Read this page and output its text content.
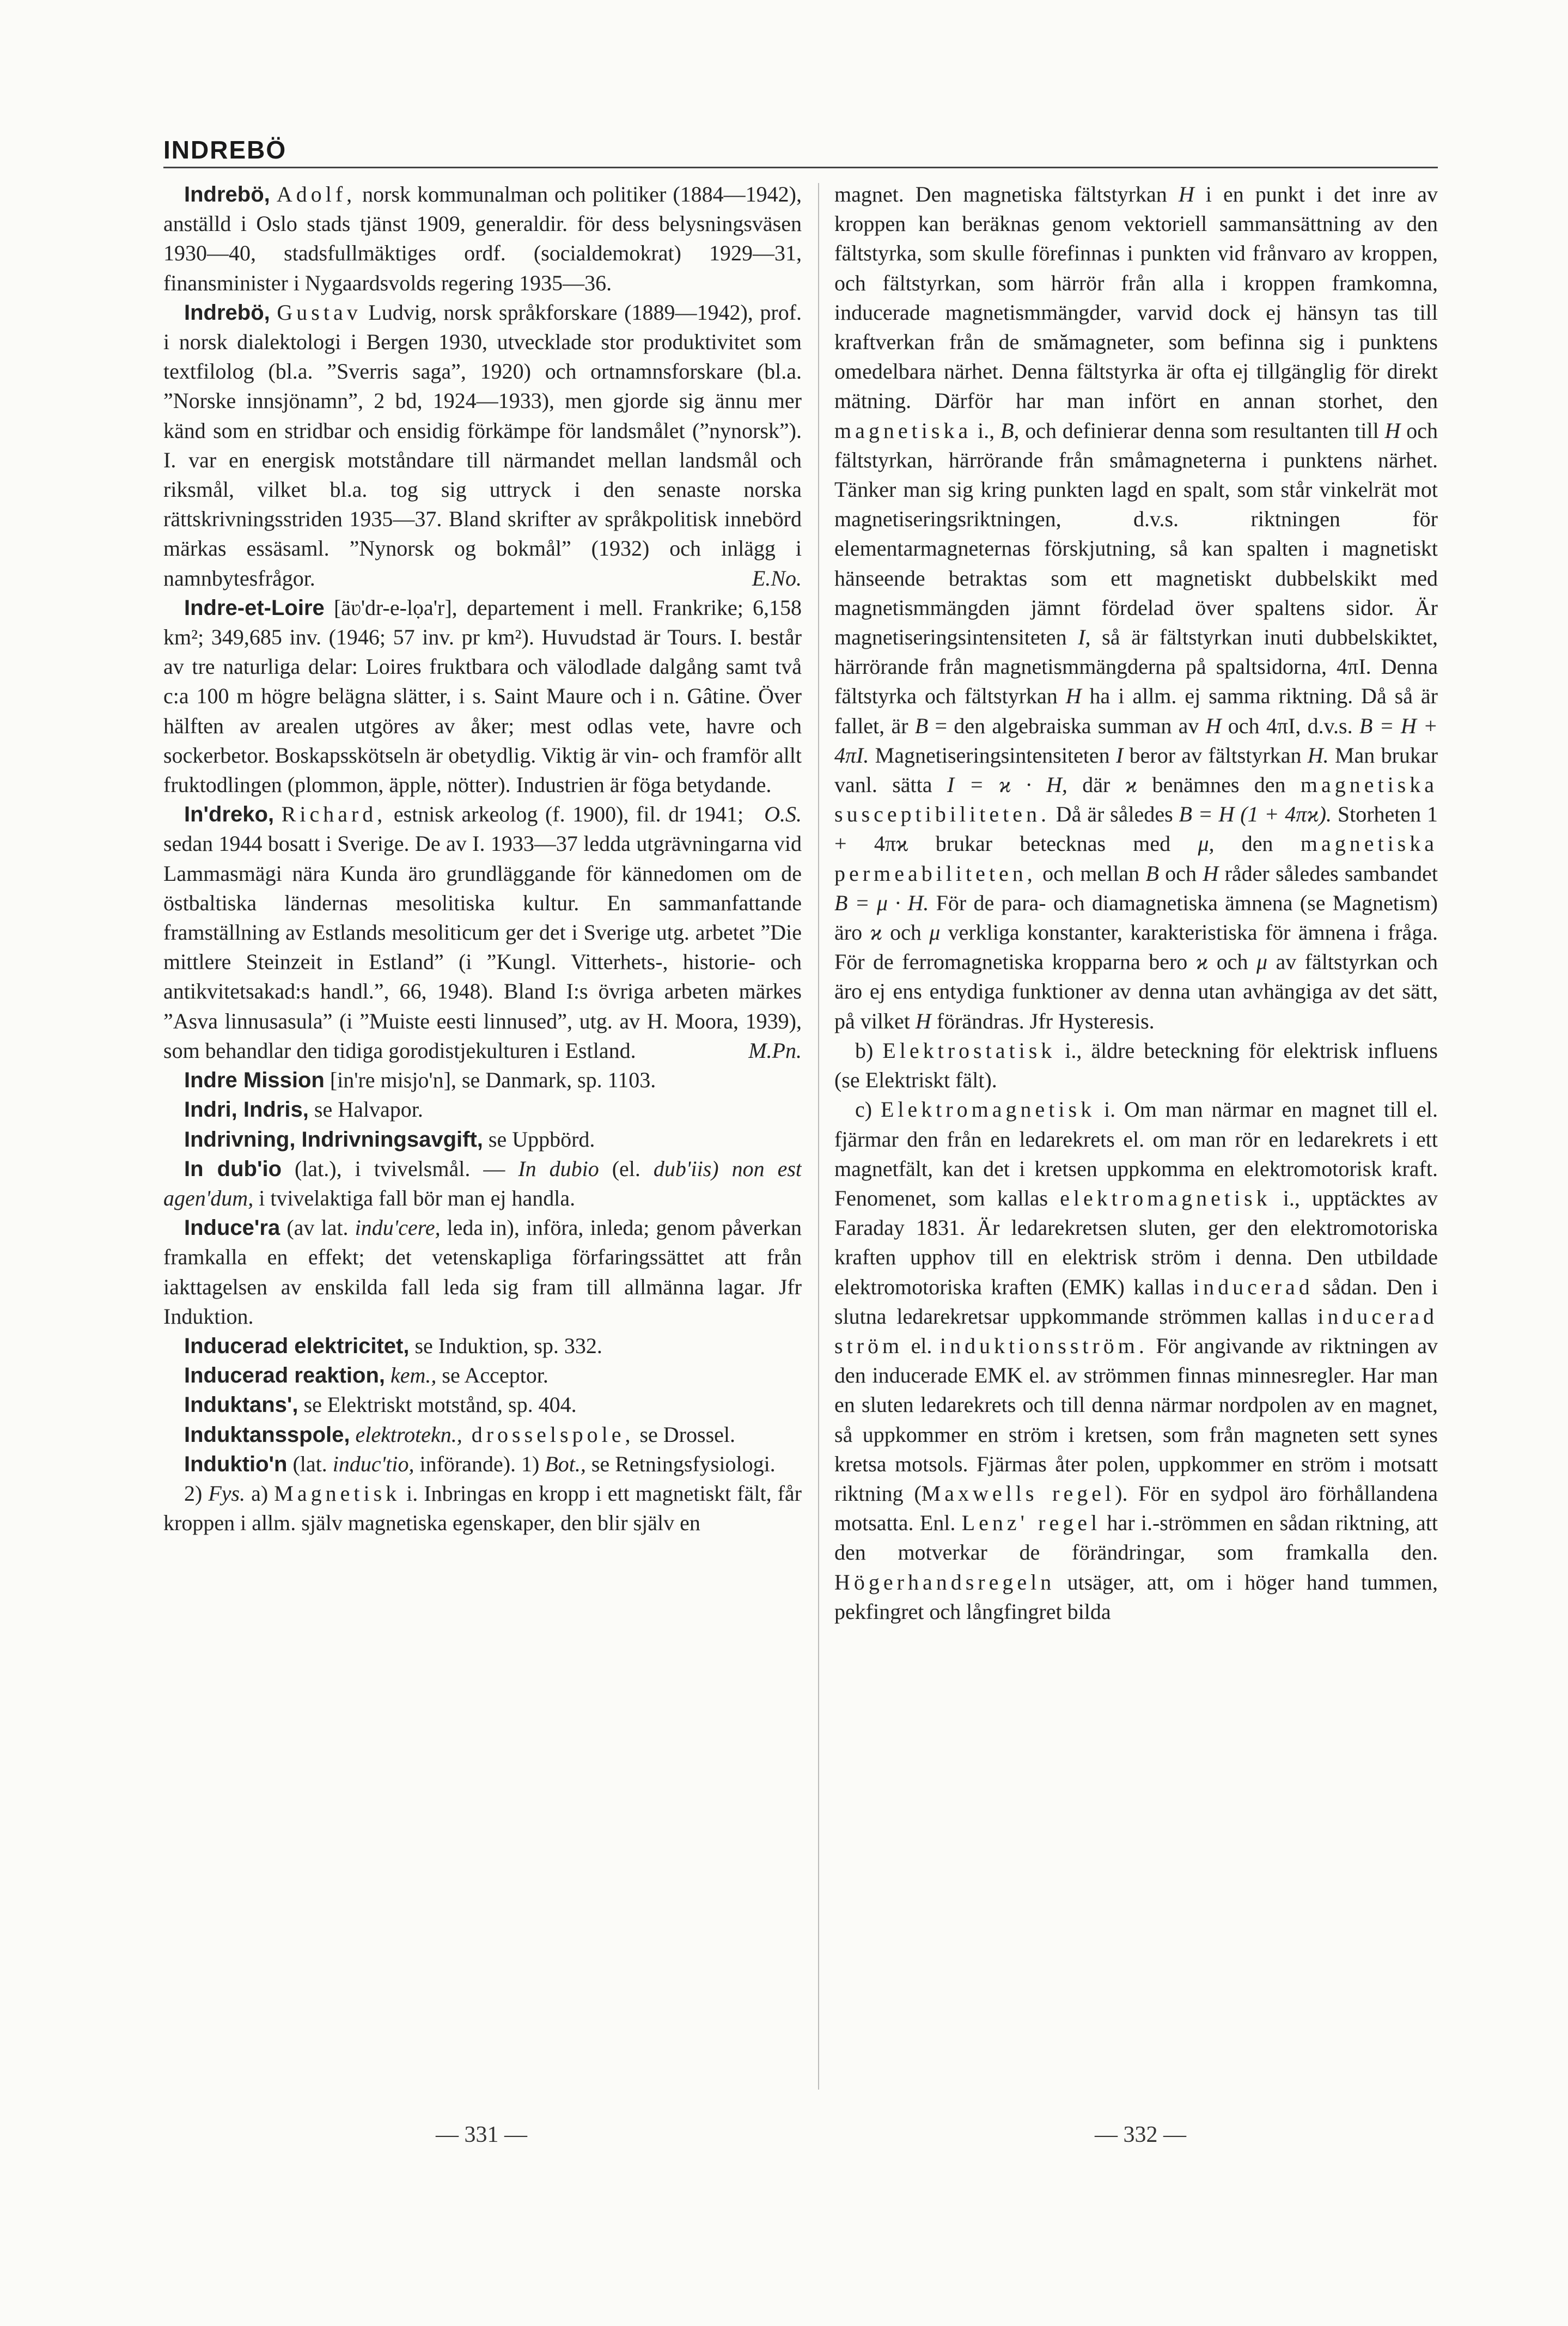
INDREBÖ

Indrebö, Adolf, norsk kommunalman och politiker (1884—1942), anställd i Oslo stads tjänst 1909, generaldir. för dess belysningsväsen 1930—40, stadsfullmäktiges ordf. (socialdemokrat) 1929—31, finansminister i Nygaardsvolds regering 1935—36.

Indrebö, Gustav Ludvig, norsk språkforskare (1889—1942), prof. i norsk dialektologi i Bergen 1930, utvecklade stor produktivitet som textfilolog (bl.a. ”Sverris saga”, 1920) och ortnamnsforskare (bl.a. ”Norske innsjönamn”, 2 bd, 1924—1933), men gjorde sig ännu mer känd som en stridbar och ensidig förkämpe för landsmålet (”nynorsk”). I. var en energisk motståndare till närmandet mellan landsmål och riksmål, vilket bl.a. tog sig uttryck i den senaste norska rättskrivningsstriden 1935—37. Bland skrifter av språkpolitisk innebörd märkas essäsaml. ”Nynorsk og bokmål” (1932) och inlägg i namnbytesfrågor.	E.No.

Indre-et-Loire [äʋ'dr-e-lọa'r], departement i mell. Frankrike; 6,158 km²; 349,685 inv. (1946; 57 inv. pr km²). Huvudstad är Tours. I. består av tre naturliga delar: Loires fruktbara och välodlade dalgång samt två c:a 100 m högre belägna slätter, i s. Saint Maure och i n. Gâtine. Över hälften av arealen utgöres av åker; mest odlas vete, havre och sockerbetor. Boskapsskötseln är obetydlig. Viktig är vin- och framför allt fruktodlingen (plommon, äpple, nötter). Industrien är föga betydande.
O.S.

In'dreko, Richard, estnisk arkeolog (f. 1900), fil. dr 1941; sedan 1944 bosatt i Sverige. De av I. 1933—37 ledda utgrävningarna vid Lammasmägi nära Kunda äro grundläggande för kännedomen om de östbaltiska ländernas mesolitiska kultur. En sammanfattande framställning av Estlands mesoliticum ger det i Sverige utg. arbetet ”Die mittlere Steinzeit in Estland” (i ”Kungl. Vitterhets-, historie- och antikvitetsakad:s handl.”, 66, 1948). Bland I:s övriga arbeten märkes ”Asva linnusasula” (i ”Muiste eesti linnused”, utg. av H. Moora, 1939), som behandlar den tidiga gorodistjekulturen i Estland.	M.Pn.

Indre Mission [in're misjo'n], se Danmark, sp. 1103.

Indri, Indris, se Halvapor.

Indrivning, Indrivningsavgift, se Uppbörd.

In dub'io (lat.), i tvivelsmål. — In dubio (el. dub'iis) non est agen'dum, i tvivelaktiga fall bör man ej handla.

Induce'ra (av lat. indu'cere, leda in), införa, inleda; genom påverkan framkalla en effekt; det vetenskapliga förfaringssättet att från iakttagelsen av enskilda fall leda sig fram till allmänna lagar. Jfr Induktion.

Inducerad elektricitet, se Induktion, sp. 332.

Inducerad reaktion, kem., se Acceptor.

Induktans', se Elektriskt motstånd, sp. 404.

Induktansspole, elektrotekn., drosselspole, se Drossel.

Induktio'n (lat. induc'tio, införande). 1) Bot., se Retningsfysiologi.

2) Fys. a) Magnetisk i. Inbringas en kropp i ett magnetiskt fält, får kroppen i allm. själv magnetiska egenskaper, den blir själv en

magnet. Den magnetiska fältstyrkan H i en punkt i det inre av kroppen kan beräknas genom vektoriell sammansättning av den fältstyrka, som skulle förefinnas i punkten vid frånvaro av kroppen, och fältstyrkan, som härrör från alla i kroppen framkomna, inducerade magnetismmängder, varvid dock ej hänsyn tas till kraftverkan från de smămagneter, som befinna sig i punktens omedelbara närhet. Denna fältstyrka är ofta ej tillgänglig för direkt mätning. Därför har man infört en annan storhet, den magnetiska i., B, och definierar denna som resultanten till H och fältstyrkan, härrörande från småmagneterna i punktens närhet. Tänker man sig kring punkten lagd en spalt, som står vinkelrät mot magnetiseringsriktningen, d.v.s. riktningen för elementarmagneternas förskjutning, så kan spalten i magnetiskt hänseende betraktas som ett magnetiskt dubbelskikt med magnetismmängden jämnt fördelad över spaltens sidor. Är magnetiseringsintensiteten I, så är fältstyrkan inuti dubbelskiktet, härrörande från magnetismmängderna på spaltsidorna, 4πI. Denna fältstyrka och fältstyrkan H ha i allm. ej samma riktning. Då så är fallet, är B = den algebraiska summan av H och 4πI, d.v.s. B = H + 4πI. Magnetiseringsintensiteten I beror av fältstyrkan H. Man brukar vanl. sätta I = ϰ · H, där ϰ benämnes den magnetiska susceptibiliteten. Då är således B = H (1 + 4πϰ). Storheten 1 + 4πϰ brukar betecknas med μ, den magnetiska permeabiliteten, och mellan B och H råder således sambandet B = μ · H. För de para- och diamagnetiska ämnena (se Magnetism) äro ϰ och μ verkliga konstanter, karakteristiska för ämnena i fråga. För de ferromagnetiska kropparna bero ϰ och μ av fältstyrkan och äro ej ens entydiga funktioner av denna utan avhängiga av det sätt, på vilket H förändras. Jfr Hysteresis.

b) Elektrostatisk i., äldre beteckning för elektrisk influens (se Elektriskt fält).

c) Elektromagnetisk i. Om man närmar en magnet till el. fjärmar den från en ledarekrets el. om man rör en ledarekrets i ett magnetfält, kan det i kretsen uppkomma en elektromotorisk kraft. Fenomenet, som kallas elektromagnetisk i., upptäcktes av Faraday 1831. Är ledarekretsen sluten, ger den elektromotoriska kraften upphov till en elektrisk ström i denna. Den utbildade elektromotoriska kraften (EMK) kallas inducerad sådan. Den i slutna ledarekretsar uppkommande strömmen kallas inducerad ström el. induktionsström. För angivande av riktningen av den inducerade EMK el. av strömmen finnas minnesregler. Har man en sluten ledarekrets och till denna närmar nordpolen av en magnet, så uppkommer en ström i kretsen, som från magneten sett synes kretsa motsols. Fjärmas åter polen, uppkommer en ström i motsatt riktning (Maxwells regel). För en sydpol äro förhållandena motsatta. Enl. Lenz' regel har i.-strömmen en sådan riktning, att den motverkar de förändringar, som framkalla den. Högerhandsregeln utsäger, att, om i höger hand tummen, pekfingret och långfingret bilda

— 331 —	— 332 —
